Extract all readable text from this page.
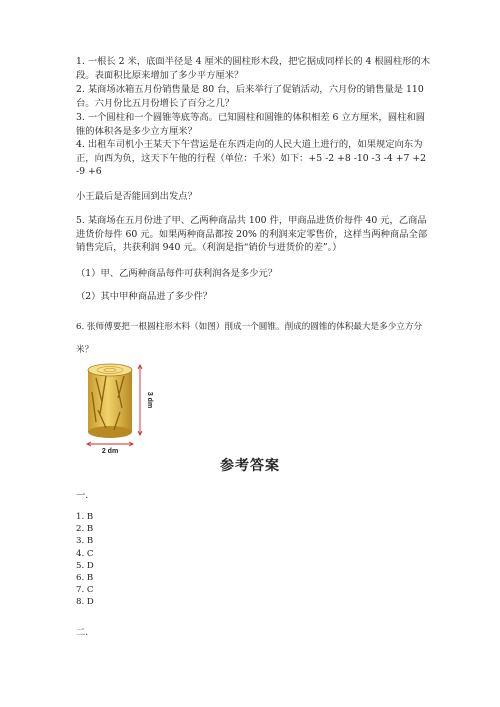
1. 一根长 2 米，底面半径是 4 厘米的圆柱形木段，把它据成同样长的 4 根圆柱形的木段。表面积比原来增加了多少平方厘米？

2. 某商场冰箱五月份销售量是 80 台，后来举行了促销活动，六月份的销售量是 110 台。六月份比五月份增长了百分之几？

3. 一个圆柱和一个圆锥等底等高。已知圆柱和圆锥的体积相差 6 立方厘米，圆柱和圆锥的体积各是多少立方厘米？

4. 出租车司机小王某天下午营运是在东西走向的人民大道上进行的，如果规定向东为正，向西为负，这天下午他的行程（单位：千米）如下：+5 -2 +8 -10 -3 -4 +7 +2 -9 +6

小王最后是否能回到出发点？

5. 某商场在五月份进了甲、乙两种商品共 100 件，甲商品进货价每件 40 元，乙商品进货价每件 60 元。如果两种商品都按 20% 的利润来定零售价，这样当两种商品全部销售完后，共获利润 940 元。（利润是指“销价与进货价的差”。）

（1）甲、乙两种商品每件可获利润各是多少元？

（2）其中甲种商品进了多少件？

6. 张师傅要把一根圆柱形木料（如图）削成一个圆锥。削成的圆锥的体积最大是多少立方分米？

3 dm
2 dm
参考答案
一.
1. B
2. B
3. B
4. C
5. D
6. B
7. C
8. D
二.
